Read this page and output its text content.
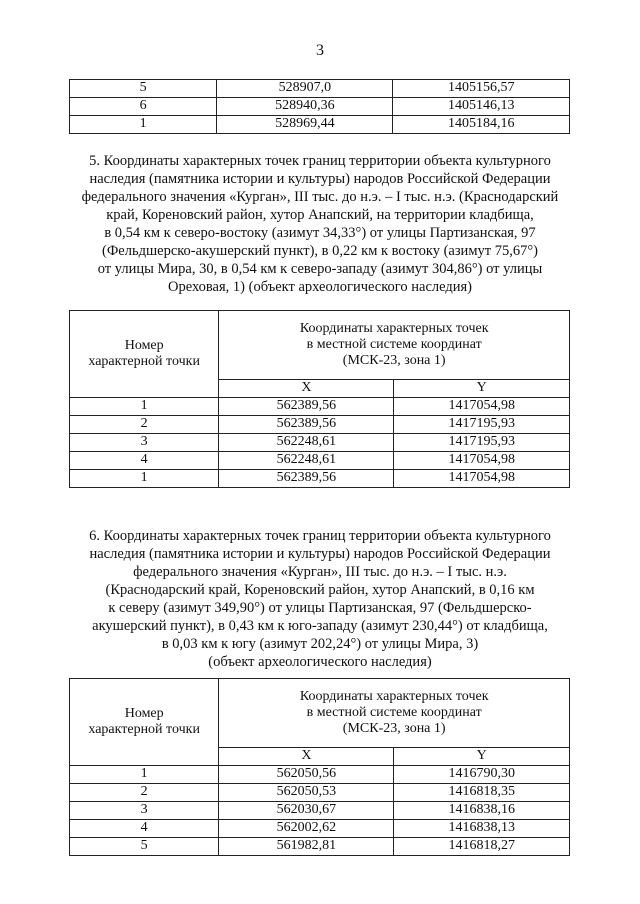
3
5	528907,0	1405156,57
6	528940,36	1405146,13
1	528969,44	1405184,16
5. Координаты характерных точек границ территории объекта культурного
наследия (памятника истории и культуры) народов Российской Федерации
федерального значения «Курган», III тыс. до н.э. – I тыс. н.э. (Краснодарский
край, Кореновский район, хутор Анапский, на территории кладбища,
в 0,54 км к северо-востоку (азимут 34,33°) от улицы Партизанская, 97
(Фельдшерско-акушерский пункт), в 0,22 км к востоку (азимут 75,67°)
от улицы Мира, 30, в 0,54 км к северо-западу (азимут 304,86°) от улицы
Ореховая, 1) (объект археологического наследия)
Номер
характерной точки	Координаты характерных точек
в местной системе координат
(МСК-23, зона 1)	

	X	Y
1	562389,56	1417054,98
2	562389,56	1417195,93
3	562248,61	1417195,93
4	562248,61	1417054,98
1	562389,56	1417054,98
6. Координаты характерных точек границ территории объекта культурного
наследия (памятника истории и культуры) народов Российской Федерации
федерального значения «Курган», III тыс. до н.э. – I тыс. н.э.
(Краснодарский край, Кореновский район, хутор Анапский, в 0,16 км
к северу (азимут 349,90°) от улицы Партизанская, 97 (Фельдшерско-
акушерский пункт), в 0,43 км к юго-западу (азимут 230,44°) от кладбища,
в 0,03 км к югу (азимут 202,24°) от улицы Мира, 3)
(объект археологического наследия)
Номер
характерной точки	Координаты характерных точек
в местной системе координат
(МСК-23, зона 1)	

	X	Y
1	562050,56	1416790,30
2	562050,53	1416818,35
3	562030,67	1416838,16
4	562002,62	1416838,13
5	561982,81	1416818,27
